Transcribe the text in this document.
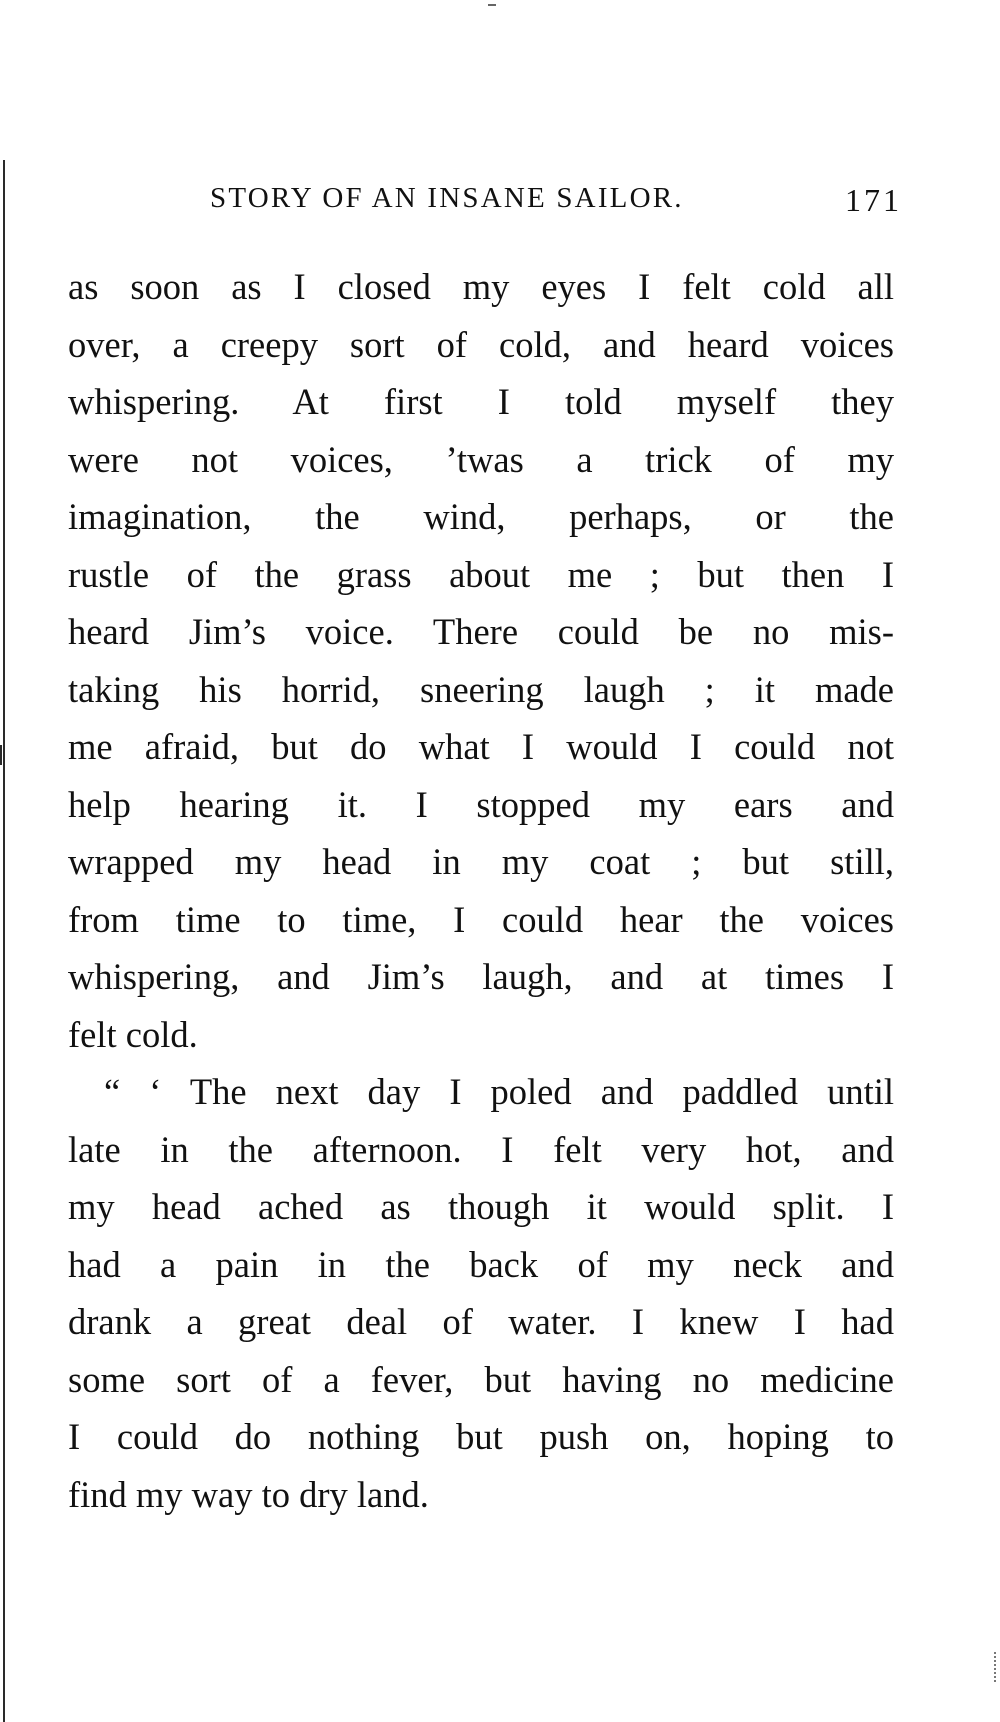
STORY OF AN INSANE SAILOR.	171
as soon as I closed my eyes I felt cold all
over, a creepy sort of cold, and heard voices
whispering. At first I told myself they
were not voices, ’twas a trick of my
imagination, the wind, perhaps, or the
rustle of the grass about me ; but then I
heard Jim’s voice. There could be no mis-
taking his horrid, sneering laugh ; it made
me afraid, but do what I would I could not
help hearing it. I stopped my ears and
wrapped my head in my coat ; but still,
from time to time, I could hear the voices
whispering, and Jim’s laugh, and at times I
felt cold.
“ ‘ The next day I poled and paddled until
late in the afternoon. I felt very hot, and
my head ached as though it would split. I
had a pain in the back of my neck and
drank a great deal of water. I knew I had
some sort of a fever, but having no medicine
I could do nothing but push on, hoping to
find my way to dry land.
